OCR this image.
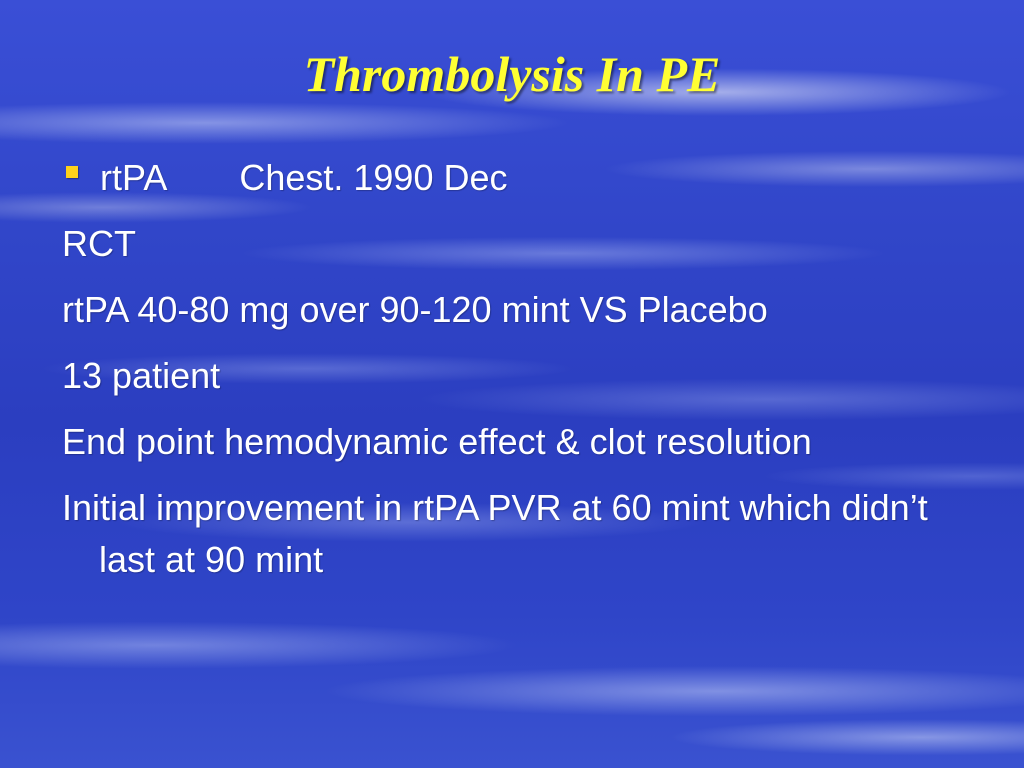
Thrombolysis In PE
rtPA Chest. 1990 Dec
RCT
rtPA 40-80 mg over 90-120 mint VS Placebo
13 patient
End point hemodynamic effect & clot resolution
Initial improvement in rtPA PVR at 60 mint which didn’t last at 90 mint
